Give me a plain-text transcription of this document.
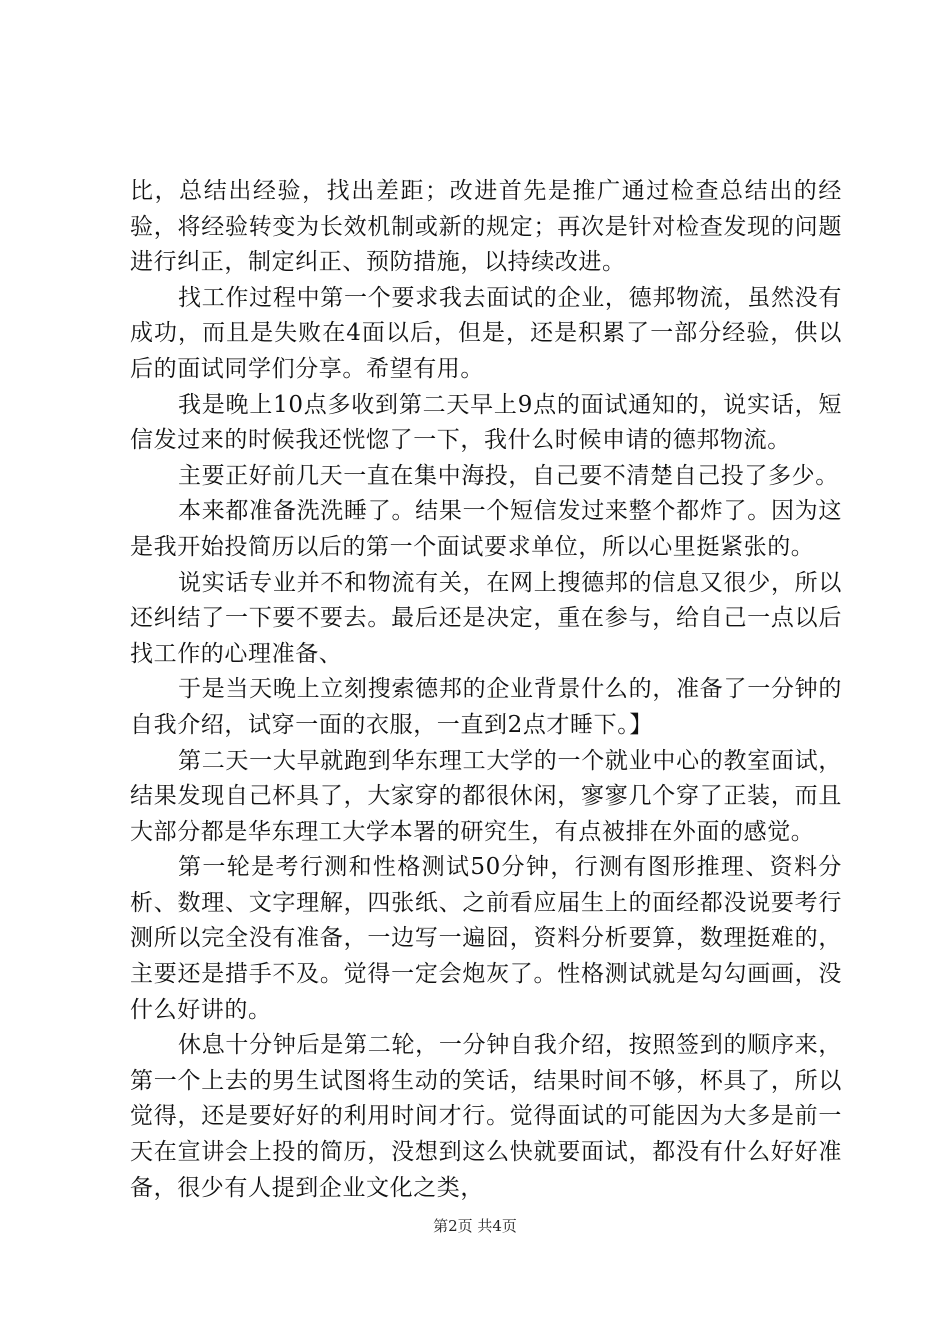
比，总结出经验，找出差距；改进首先是推广通过检查总结出的经验，将经验转变为长效机制或新的规定；再次是针对检查发现的问题进行纠正，制定纠正、预防措施，以持续改进。

找工作过程中第一个要求我去面试的企业，德邦物流，虽然没有成功，而且是失败在4面以后，但是，还是积累了一部分经验，供以后的面试同学们分享。希望有用。

我是晚上10点多收到第二天早上9点的面试通知的，说实话，短信发过来的时候我还恍惚了一下，我什么时候申请的德邦物流。

主要正好前几天一直在集中海投，自己要不清楚自己投了多少。

本来都准备洗洗睡了。结果一个短信发过来整个都炸了。因为这是我开始投简历以后的第一个面试要求单位，所以心里挺紧张的。

说实话专业并不和物流有关，在网上搜德邦的信息又很少，所以还纠结了一下要不要去。最后还是决定，重在参与，给自己一点以后找工作的心理准备、

于是当天晚上立刻搜索德邦的企业背景什么的，准备了一分钟的自我介绍，试穿一面的衣服，一直到2点才睡下。】

第二天一大早就跑到华东理工大学的一个就业中心的教室面试，结果发现自己杯具了，大家穿的都很休闲，寥寥几个穿了正装，而且大部分都是华东理工大学本署的研究生，有点被排在外面的感觉。

第一轮是考行测和性格测试50分钟，行测有图形推理、资料分析、数理、文字理解，四张纸、之前看应届生上的面经都没说要考行测所以完全没有准备，一边写一遍囧，资料分析要算，数理挺难的，主要还是措手不及。觉得一定会炮灰了。性格测试就是勾勾画画，没什么好讲的。

休息十分钟后是第二轮，一分钟自我介绍，按照签到的顺序来，第一个上去的男生试图将生动的笑话，结果时间不够，杯具了，所以觉得，还是要好好的利用时间才行。觉得面试的可能因为大多是前一天在宣讲会上投的简历，没想到这么快就要面试，都没有什么好好准备，很少有人提到企业文化之类，

第2页 共4页
